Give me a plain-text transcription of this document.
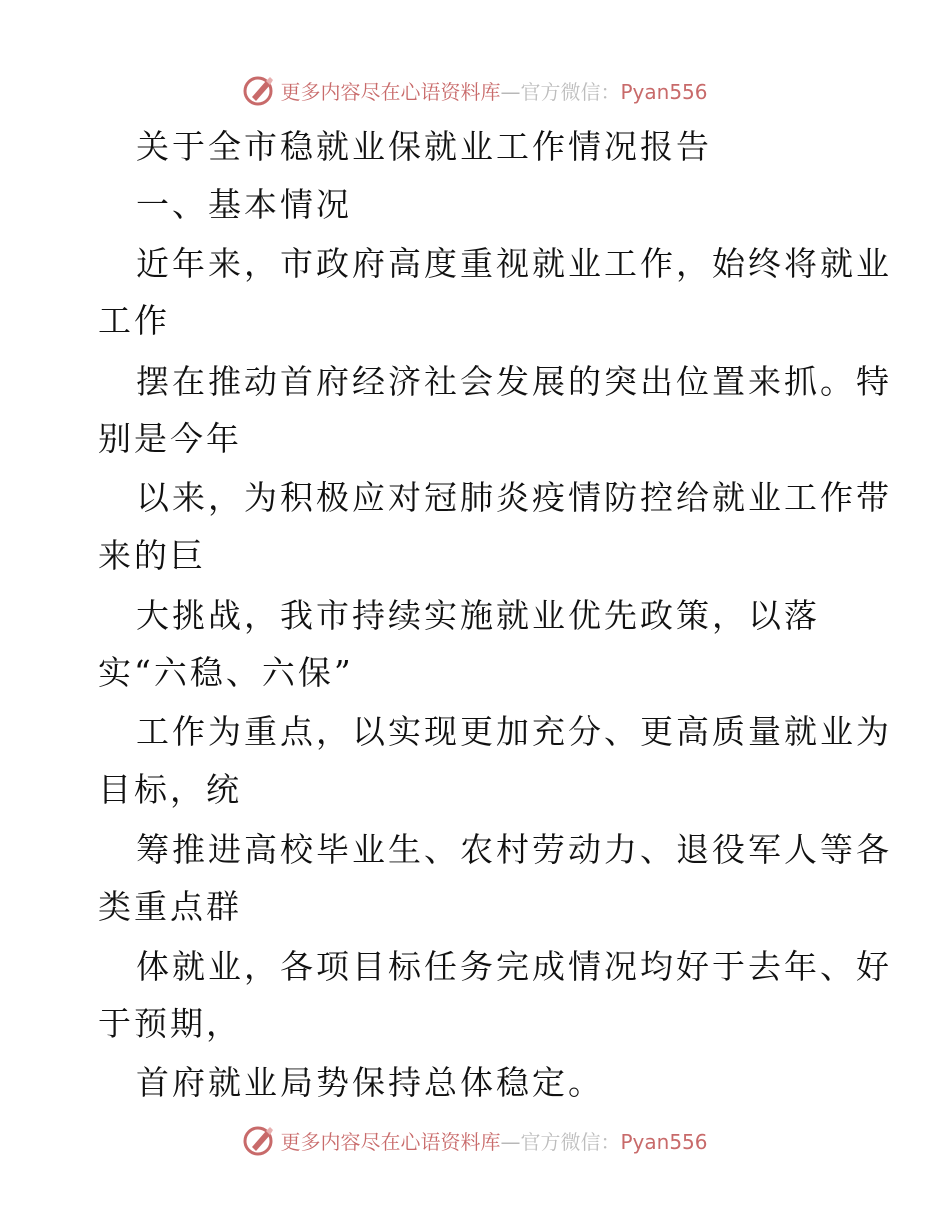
更多内容尽在心语资料库—官方微信：Pyan556
关于全市稳就业保就业工作情况报告
一、基本情况
近年来，市政府高度重视就业工作，始终将就业
工作
摆在推动首府经济社会发展的突出位置来抓。特
别是今年
以来，为积极应对冠肺炎疫情防控给就业工作带
来的巨
大挑战，我市持续实施就业优先政策，以落
实“六稳、六保”
工作为重点，以实现更加充分、更高质量就业为
目标，统
筹推进高校毕业生、农村劳动力、退役军人等各
类重点群
体就业，各项目标任务完成情况均好于去年、好
于预期，
首府就业局势保持总体稳定。
更多内容尽在心语资料库—官方微信：Pyan556
